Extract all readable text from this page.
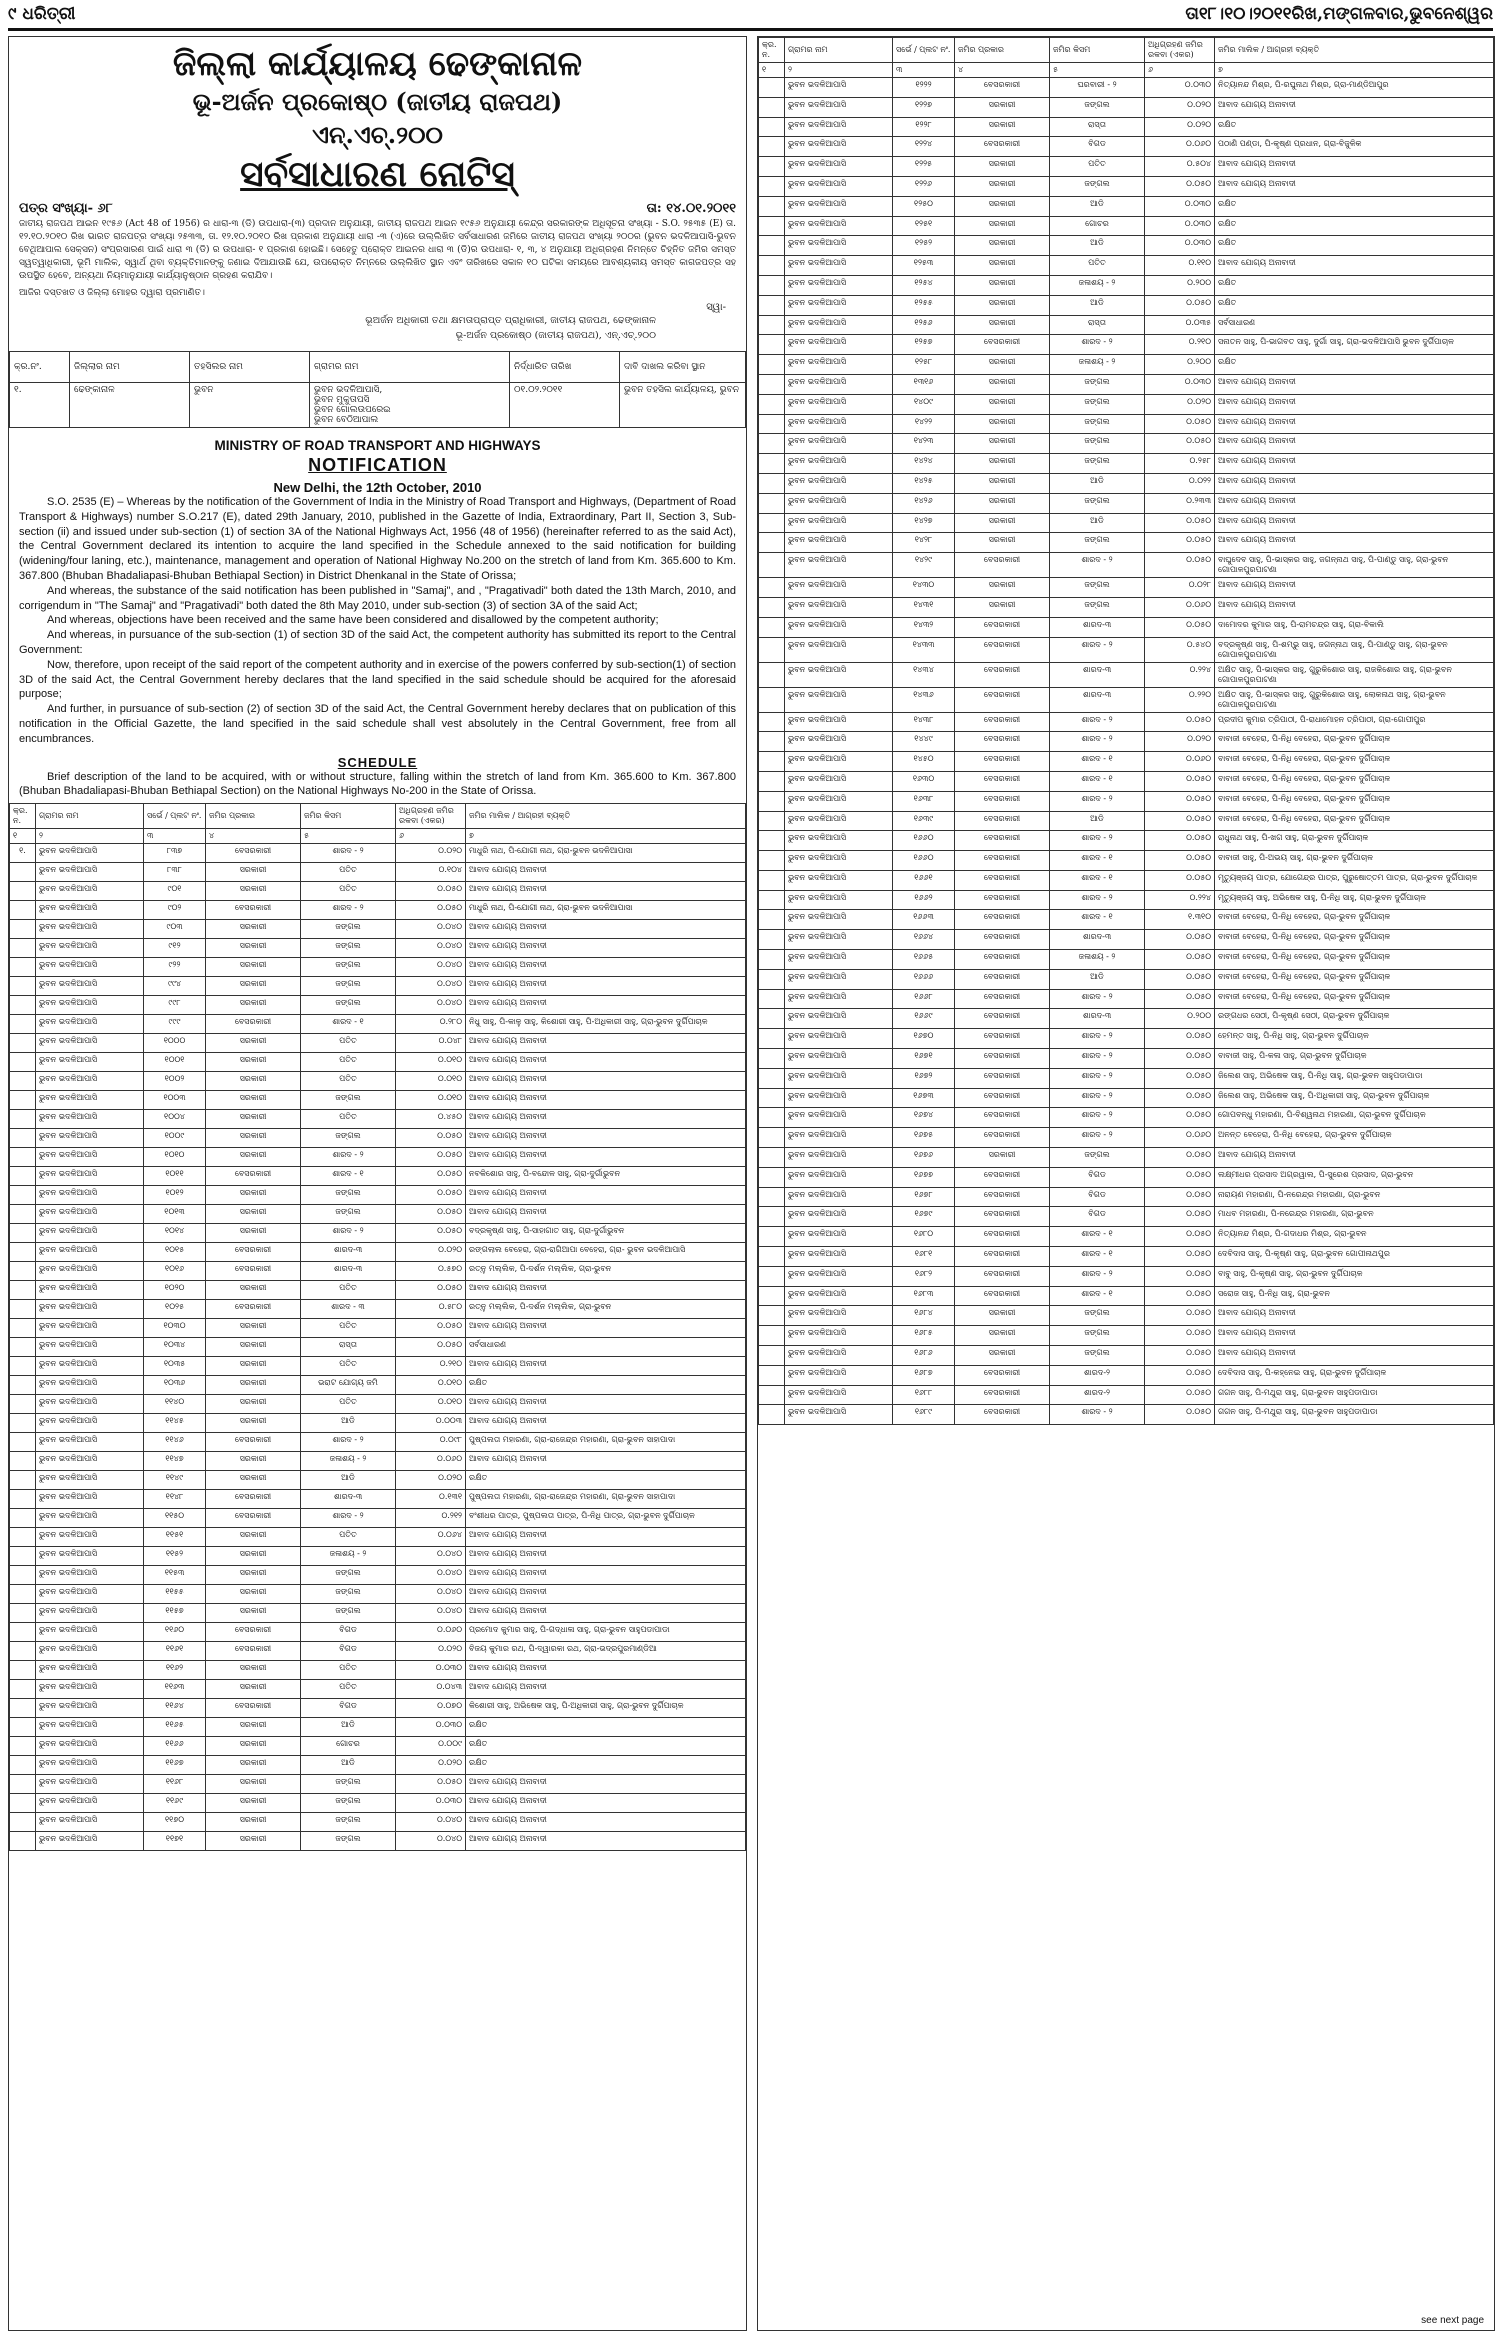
୯ ଧରିତ୍ରୀ	ତା୧୮।୧୦।୨୦୧୧ରିଖ,ମଙ୍ଗଳବାର,ଭୁବନେଶ୍ୱର
ଜିଲ୍ଲା କାର୍ଯ୍ୟାଳୟ ଢେଙ୍କାନାଳ
ଭୂ-ଅର୍ଜନ ପ୍ରକୋଷ୍ଠ (ଜାତୀୟ ରାଜପଥ)
ଏନ୍.ଏଚ୍.୨୦୦
ସର୍ବସାଧାରଣ ନୋଟିସ୍
ପତ୍ର ସଂଖ୍ୟା- ୬୮	ତା: ୧୪.୦୧.୨୦୧୧
ଜାତୀୟ ରାଜପଥ ଆଇନ ୧୯୫୬ (Act 48 of 1956) ର ଧାରା-୩ (ଡି) ଉପଧାରା-(୩) ପ୍ରଦାନ ଅନୁଯାୟୀ, ଜାତୀୟ ରାଜପଥ ଆଇନ ୧୯୫୬ ଅନୁଯାୟୀ କେନ୍ଦ୍ର ସରକାରଙ୍କ ଅଧିସୂଚନା ସଂଖ୍ୟା - S.O. ୨୫୩୫ (E) ତା. ୧୨.୧୦.୨୦୧୦ ରିଖ ଭାରତ ରାଜପତ୍ର ସଂଖ୍ୟା ୨୫୩୩, ତା. ୧୨.୧୦.୨୦୧୦ ରିଖ ପ୍ରକାଶ ଅନୁଯାୟୀ ଧାରା -୩ (ଏ)ରେ ଉଲ୍ଲିଖିତ ସର୍ବସାଧାରଣ ଜମିରେ ଜାତୀୟ ରାଜପଥ ସଂଖ୍ୟା ୨୦୦ର (ଭୁବନ ଭଦଳିଆପାସି-ଭୁବନ ବେଥିଆପାଲ ସେକ୍ସନ) ସଂପ୍ରସାରଣ ପାଇଁ ଧାରା ୩ (ଡି) ର ଉପଧାରା- ୧ ପ୍ରକାଶ ହୋଇଛି। ସେହେତୁ ପ୍ରୋକ୍ତ ଆଇନର ଧାରା ୩ (ଡି)ର ଉପଧାରା- ୧, ୩, ୪ ଅନୁଯାୟୀ ଅଧିଗ୍ରହଣ ନିମନ୍ତେ ଚିହ୍ନିତ ଜମିର ସମସ୍ତ ସ୍ୱତ୍ୱାଧିକାରୀ, ଭୂମି ମାଲିକ, ସ୍ୱାର୍ଥ ଥିବା ବ୍ୟକ୍ତିମାନଙ୍କୁ ଜଣାଇ ଦିଆଯାଉଛି ଯେ, ଉପରୋକ୍ତ ନିମ୍ନରେ ଉଲ୍ଲିଖିତ ସ୍ଥାନ ଏବଂ ତାରିଖରେ ସକାଳ ୧୦ ଘଟିକା ସମୟରେ ଆବଶ୍ୟକୀୟ ସମସ୍ତ କାଗଜପତ୍ର ସହ ଉପସ୍ଥିତ ହେବେ, ଅନ୍ୟଥା ନିୟମାନୁଯାୟୀ କାର୍ଯ୍ୟାନୁଷ୍ଠାନ ଗ୍ରହଣ କରାଯିବ।
ଆଜିର ଦସ୍ତଖତ ଓ ଜିଲ୍ଲା ମୋହର ଦ୍ୱାରା ପ୍ରମାଣିତ।
ସ୍ୱା-
ଭୂଅର୍ଜନ ଅଧିକାରୀ ତଥା କ୍ଷମତାପ୍ରାପ୍ତ ପ୍ରାଧିକାରୀ, ଜାତୀୟ ରାଜପଥ, ଢେଙ୍କାନାଳ
ଭୂ-ଅର୍ଜନ ପ୍ରକୋଷ୍ଠ (ଜାତୀୟ ରାଜପଥ), ଏନ୍.ଏଚ୍.୨୦୦
କ୍ର.ନଂ.	ଜିଲ୍ଲାର ନାମ	ତହସିଲର ନାମ	ଗ୍ରାମର ନାମ	ନିର୍ଦ୍ଧାରିତ ତାରିଖ	ଦାବି ଦାଖଲ କରିବା ସ୍ଥାନ
୧.	ଢେଙ୍କାନାଳ	ଭୁବନ	ଭୁବନ ଭଦଳିଆପାସି,
ଭୁବନ ମୁକୁତାପସି
ଭୁବନ ଗୋଲଉପରେଇ
ଭୁବନ ବେଠିଆପାଲ	୦୧.୦୨.୨୦୧୧	ଭୁବନ ତହସିଲ କାର୍ଯ୍ୟାଳୟ, ଭୁବନ
MINISTRY OF ROAD TRANSPORT AND HIGHWAYS
NOTIFICATION
New Delhi, the 12th October, 2010

S.O. 2535 (E) – Whereas by the notification of the Government of India in the Ministry of Road Transport and Highways, (Department of Road Transport & Highways) number S.O.217 (E), dated 29th January, 2010, published in the Gazette of India, Extraordinary, Part II, Section 3, Sub-section (ii) and issued under sub-section (1) of section 3A of the National Highways Act, 1956 (48 of 1956) (hereinafter referred to as the said Act), the Central Government declared its intention to acquire the land specified in the Schedule annexed to the said notification for building (widening/four laning, etc.), maintenance, management and operation of National Highway No.200 on the stretch of land from Km. 365.600 to Km. 367.800 (Bhuban Bhadaliapasi-Bhuban Bethiapal Section) in District Dhenkanal in the State of Orissa;

And whereas, the substance of the said notification has been published in "Samaj", and , "Pragativadi" both dated the 13th March, 2010, and corrigendum in "The Samaj" and "Pragativadi" both dated the 8th May 2010, under sub-section (3) of section 3A of the said Act;

And whereas, objections have been received and the same have been considered and disallowed by the competent authority;

And whereas, in pursuance of the sub-section (1) of section 3D of the said Act, the competent authority has submitted its report to the Central Government:

Now, therefore, upon receipt of the said report of the competent authority and in exercise of the powers conferred by sub-section(1) of section 3D of the said Act, the Central Government hereby declares that the land specified in the said schedule should be acquired for the aforesaid purpose;

And further, in pursuance of sub-section (2) of section 3D of the said Act, the Central Government hereby declares that on publication of this notification in the Official Gazette, the land specified in the said schedule shall vest absolutely in the Central Government, free from all encumbrances.

SCHEDULE

Brief description of the land to be acquired, with or without structure, falling within the stretch of land from Km. 365.600 to Km. 367.800 (Bhuban Bhadaliapasi-Bhuban Bethiapal Section) on the National Highways No-200 in the State of Orissa.

କ୍ର. ନ.	ଗ୍ରାମର ନାମ	ସର୍ଭେ / ପ୍ଲଟ ନଂ.	ଜମିର ପ୍ରକାର	ଜମିର କିସମ	ଅଧିଗ୍ରହଣ ଜମିର ରକବା (ଏକର)	ଜମିର ମାଲିକ / ଆଗ୍ରହୀ ବ୍ୟକ୍ତି
୧	୨	୩	୪	୫	୬	୭
୧.	ଭୁବନ ଭଦଳିଆପାସି	୮୩୭	ବେସରକାରୀ	ଶାରଦ - ୨	୦.୦୨୦	ମାଧୁରି ନାଥ, ପି-ଯୋଗୀ ନାଥ, ଗ୍ରା-ଭୁବନ ଭଦଳିଆପାସା
	ଭୁବନ ଭଦଳିଆପାସି	୮୩୮	ସରକାରୀ	ପତିତ	୦.୧୦୪	ଆବାଦ ଯୋଗ୍ୟ ଅନାବାଦୀ
	ଭୁବନ ଭଦଳିଆପାସି	୯୦୧	ସରକାରୀ	ପତିତ	୦.୦୫୦	ଆବାଦ ଯୋଗ୍ୟ ଅନାବାଦୀ
	ଭୁବନ ଭଦଳିଆପାସି	୯୦୨	ବେସରକାରୀ	ଶାରଦ - ୨	୦.୦୫୦	ମାଧୁରି ନାଥ, ପି-ଯୋଗୀ ନାଥ, ଗ୍ରା-ଭୁବନ ଭଦଳିଆପାସା
	ଭୁବନ ଭଦଳିଆପାସି	୯୦୩	ସରକାରୀ	ଜଙ୍ଗଲ	୦.୦୪୦	ଆବାଦ ଯୋଗ୍ୟ ଅନାବାଦୀ
	ଭୁବନ ଭଦଳିଆପାସି	୯୧୨	ସରକାରୀ	ଜଙ୍ଗଲ	୦.୦୪୦	ଆବାଦ ଯୋଗ୍ୟ ଅନାବାଦୀ
	ଭୁବନ ଭଦଳିଆପାସି	୯୨୨	ସରକାରୀ	ଜଙ୍ଗଲ	୦.୦୪୦	ଆବାଦ ଯୋଗ୍ୟ ଅନାବାଦୀ
	ଭୁବନ ଭଦଳିଆପାସି	୯୯୪	ସରକାରୀ	ଜଙ୍ଗଲ	୦.୦୪୦	ଆବାଦ ଯୋଗ୍ୟ ଅନାବାଦୀ
	ଭୁବନ ଭଦଳିଆପାସି	୯୯୮	ସରକାରୀ	ଜଙ୍ଗଲ	୦.୦୪୦	ଆବାଦ ଯୋଗ୍ୟ ଅନାବାଦୀ
	ଭୁବନ ଭଦଳିଆପାସି	୯୯୯	ବେସରକାରୀ	ଶାରଦ - ୧	୦.୨୮୦	ନିଧୁ ସାହୁ, ପି-କାଳୁ ସାହୁ, କିଶୋରୀ ସାହୁ, ପି-ଅଧିକାରୀ ସାହୁ, ଗ୍ରା-ଭୁବନ ଦୁର୍ଗିପାଚାଳ
	ଭୁବନ ଭଦଳିଆପାସି	୧୦୦୦	ସରକାରୀ	ପତିତ	୦.୦୪୮	ଆବାଦ ଯୋଗ୍ୟ ଅନାବାଦୀ
	ଭୁବନ ଭଦଳିଆପାସି	୧୦୦୧	ସରକାରୀ	ପତିତ	୦.୦୧୦	ଆବାଦ ଯୋଗ୍ୟ ଅନାବାଦୀ
	ଭୁବନ ଭଦଳିଆପାସି	୧୦୦୨	ସରକାରୀ	ପତିତ	୦.୦୧୦	ଆବାଦ ଯୋଗ୍ୟ ଅନାବାଦୀ
	ଭୁବନ ଭଦଳିଆପାସି	୧୦୦୩	ସରକାରୀ	ଜଙ୍ଗଲ	୦.୦୧୦	ଆବାଦ ଯୋଗ୍ୟ ଅନାବାଦୀ
	ଭୁବନ ଭଦଳିଆପାସି	୧୦୦୪	ସରକାରୀ	ପତିତ	୦.୪୫୦	ଆବାଦ ଯୋଗ୍ୟ ଅନାବାଦୀ
	ଭୁବନ ଭଦଳିଆପାସି	୧୦୦୯	ସରକାରୀ	ଜଙ୍ଗଲ	୦.୦୫୦	ଆବାଦ ଯୋଗ୍ୟ ଅନାବାଦୀ
	ଭୁବନ ଭଦଳିଆପାସି	୧୦୧୦	ସରକାରୀ	ଶାରଦ - ୨	୦.୦୫୦	ଆବାଦ ଯୋଗ୍ୟ ଅନାବାଦୀ
	ଭୁବନ ଭଦଳିଆପାସି	୧୦୧୧	ବେସରକାରୀ	ଶାରଦ - ୧	୦.୦୫୦	ନବକିଶୋର ସାହୁ, ପି-ବନ୍ଦୋଳ ସାହୁ, ଗ୍ରା-ଦୁର୍ଗାଭୁବନ
	ଭୁବନ ଭଦଳିଆପାସି	୧୦୧୨	ସରକାରୀ	ଜଙ୍ଗଲ	୦.୦୫୦	ଆବାଦ ଯୋଗ୍ୟ ଅନାବାଦୀ
	ଭୁବନ ଭଦଳିଆପାସି	୧୦୧୩	ସରକାରୀ	ଜଙ୍ଗଲ	୦.୦୫୦	ଆବାଦ ଯୋଗ୍ୟ ଅନାବାଦୀ
	ଭୁବନ ଭଦଳିଆପାସି	୧୦୧୪	ସରକାରୀ	ଶାରଦ - ୨	୦.୦୫୦	ବଦ୍ରକୃଷ୍ଣ ସାହୁ, ପି-ସାହାଗାତ ସାହୁ, ଗ୍ରା-ଦୁର୍ଗାଭୁବନ
	ଭୁବନ ଭଦଳିଆପାସି	୧୦୧୫	ବେସରକାରୀ	ଶାରଦ-୩	୦.୦୨୦	ରଙ୍ଗଲାଲ ବେହେରା, ଗ୍ରା-ରାଗିଆପା ବେହେରା, ଗ୍ରା- ଭୁବନ ଭଦଳିଆପାସି
	ଭୁବନ ଭଦଳିଆପାସି	୧୦୧୬	ବେସରକାରୀ	ଶାରଦ-୩	୦.୫୭୦	ରତ୍ନୁ ମଲ୍ଲିକ, ପି-ଦର୍ଶନ ମଲ୍ଲିକ, ଗ୍ରା-ଭୁବନ
	ଭୁବନ ଭଦଳିଆପାସି	୧୦୨୦	ସରକାରୀ	ପତିତ	୦.୦୫୦	ଆବାଦ ଯୋଗ୍ୟ ଅନାବାଦୀ
	ଭୁବନ ଭଦଳିଆପାସି	୧୦୨୫	ବେସରକାରୀ	ଶାରଦ - ୩	୦.୫୮୦	ରତ୍ନୁ ମଲ୍ଲିକ, ପି-ଦର୍ଶନ ମଲ୍ଲିକ, ଗ୍ରା-ଭୁବନ
	ଭୁବନ ଭଦଳିଆପାସି	୧୦୩୦	ସରକାରୀ	ପତିତ	୦.୦୫୦	ଆବାଦ ଯୋଗ୍ୟ ଅନାବାଦୀ
	ଭୁବନ ଭଦଳିଆପାସି	୧୦୩୪	ସରକାରୀ	ରାସ୍ତା	୦.୦୫୦	ସର୍ବସାଧାରଣ
	ଭୁବନ ଭଦଳିଆପାସି	୧୦୩୫	ସରକାରୀ	ପତିତ	୦.୨୧୦	ଆବାଦ ଯୋଗ୍ୟ ଅନାବାଦୀ
	ଭୁବନ ଭଦଳିଆପାସି	୧୦୩୬	ସରକାରୀ	ଭରାଟ ଯୋଗ୍ୟ ଜମି	୦.୦୧୦	ରକ୍ଷିତ
	ଭୁବନ ଭଦଳିଆପାସି	୧୧୪୦	ସରକାରୀ	ପତିତ	୦.୦୧୦	ଆବାଦ ଯୋଗ୍ୟ ଅନାବାଦୀ
	ଭୁବନ ଭଦଳିଆପାସି	୧୧୪୫	ସରକାରୀ	ଆଡି	୦.୦୦୩	ଆବାଦ ଯୋଗ୍ୟ ଅନାବାଦୀ
	ଭୁବନ ଭଦଳିଆପାସି	୧୧୪୬	ବେସରକାରୀ	ଶାରଦ - ୨	୦.୦୯୮	ପୁଷ୍ପଲତା ମହାରଣା, ଗ୍ରା-ରାଜେନ୍ଦ୍ର ମହାରଣା, ଗ୍ରା-ଭୁବନ ସାହାପାଦା
	ଭୁବନ ଭଦଳିଆପାସି	୧୧୪୭	ସରକାରୀ	ଜଳାଶୟ - ୨	୦.୦୬୦	ଆବାଦ ଯୋଗ୍ୟ ଅନାବାଦୀ
	ଭୁବନ ଭଦଳିଆପାସି	୧୧୪୯	ସରକାରୀ	ଆଡି	୦.୦୨୦	ରକ୍ଷିତ
	ଭୁବନ ଭଦଳିଆପାସି	୧୧୪୮	ବେସରକାରୀ	ଶାରଦ-୩	୦.୧୩୧	ପୁଷ୍ପଲତା ମହାରଣା, ଗ୍ରା-ରାଜେନ୍ଦ୍ର ମହାରଣା, ଗ୍ରା-ଭୁବନ ସାହାପାଦା
	ଭୁବନ ଭଦଳିଆପାସି	୧୧୫୦	ବେସରକାରୀ	ଶାରଦ - ୨	୦.୨୧୨	ବଂଶୀଧର ପାତ୍ର, ପୁଷ୍ପଲତା ପାତ୍ର, ପି-ନିଧି ପାତ୍ର, ଗ୍ରା-ଭୁବନ ଦୁର୍ଗିପାଚାଳ
	ଭୁବନ ଭଦଳିଆପାସି	୧୧୫୧	ସରକାରୀ	ପତିତ	୦.୦୬୪	ଆବାଦ ଯୋଗ୍ୟ ଅନାବାଦୀ
	ଭୁବନ ଭଦଳିଆପାସି	୧୧୫୨	ସରକାରୀ	ଜଳାଶୟ - ୨	୦.୦୪୦	ଆବାଦ ଯୋଗ୍ୟ ଅନାବାଦୀ
	ଭୁବନ ଭଦଳିଆପାସି	୧୧୫୩	ସରକାରୀ	ଜଙ୍ଗଲ	୦.୦୪୦	ଆବାଦ ଯୋଗ୍ୟ ଅନାବାଦୀ
	ଭୁବନ ଭଦଳିଆପାସି	୧୧୫୫	ସରକାରୀ	ଜଙ୍ଗଲ	୦.୦୪୦	ଆବାଦ ଯୋଗ୍ୟ ଅନାବାଦୀ
	ଭୁବନ ଭଦଳିଆପାସି	୧୧୫୭	ସରକାରୀ	ଜଙ୍ଗଲ	୦.୦୪୦	ଆବାଦ ଯୋଗ୍ୟ ଅନାବାଦୀ
	ଭୁବନ ଭଦଳିଆପାସି	୧୧୬୦	ବେସରକାରୀ	ବିଗଡ	୦.୦୬୦	ପ୍ରମୋଦ କୁମାର ସାହୁ, ପି-ଗଦ୍ଧାଳା ସାହୁ, ଗ୍ରା-ଭୁବନ ସାହୁପଡାପାଡା
	ଭୁବନ ଭଦଳିଆପାସି	୧୧୬୧	ବେସରକାରୀ	ବିଗଡ	୦.୦୨୦	ବିଜୟ କୁମାର ରଥ, ପି-ଦ୍ୱାରକା ରଥ, ଗ୍ରା-ଭଦ୍ରପୁରମାଣ୍ଡିଆ
	ଭୁବନ ଭଦଳିଆପାସି	୧୧୬୨	ସରକାରୀ	ପତିତ	୦.୦୩୦	ଆବାଦ ଯୋଗ୍ୟ ଅନାବାଦୀ
	ଭୁବନ ଭଦଳିଆପାସି	୧୧୬୩	ସରକାରୀ	ପତିତ	୦.୦୪୩	ଆବାଦ ଯୋଗ୍ୟ ଅନାବାଦୀ
	ଭୁବନ ଭଦଳିଆପାସି	୧୧୬୪	ବେସରକାରୀ	ବିଗଡ	୦.୦୭୦	କିଶୋରୀ ସାହୁ, ଅଭିଷେକ ସାହୁ, ପି-ଅଧିକାରୀ ସାହୁ, ଗ୍ରା-ଭୁବନ ଦୁର୍ଗିପାଚାଳ
	ଭୁବନ ଭଦଳିଆପାସି	୧୧୬୫	ସରକାରୀ	ଆଡି	୦.୦୩୦	ରକ୍ଷିତ
	ଭୁବନ ଭଦଳିଆପାସି	୧୧୬୬	ସରକାରୀ	ଗୋଚର	୦.୦୦୯	ରକ୍ଷିତ
	ଭୁବନ ଭଦଳିଆପାସି	୧୧୬୭	ସରକାରୀ	ଆଡି	୦.୦୨୦	ରକ୍ଷିତ
	ଭୁବନ ଭଦଳିଆପାସି	୧୧୬୮	ସରକାରୀ	ଜଙ୍ଗଲ	୦.୦୫୦	ଆବାଦ ଯୋଗ୍ୟ ଅନାବାଦୀ
	ଭୁବନ ଭଦଳିଆପାସି	୧୧୬୯	ସରକାରୀ	ଜଙ୍ଗଲ	୦.୦୩୦	ଆବାଦ ଯୋଗ୍ୟ ଅନାବାଦୀ
	ଭୁବନ ଭଦଳିଆପାସି	୧୧୭୦	ସରକାରୀ	ଜଙ୍ଗଲ	୦.୦୪୦	ଆବାଦ ଯୋଗ୍ୟ ଅନାବାଦୀ
	ଭୁବନ ଭଦଳିଆପାସି	୧୧୭୧	ସରକାରୀ	ଜଙ୍ଗଲ	୦.୦୪୦	ଆବାଦ ଯୋଗ୍ୟ ଅନାବାଦୀ
କ୍ର. ନ.	ଗ୍ରାମର ନାମ	ସର୍ଭେ / ପ୍ଲଟ ନଂ.	ଜମିର ପ୍ରକାର	ଜମିର କିସମ	ଅଧିଗ୍ରହଣ ଜମିର ରକବା (ଏକର)	ଜମିର ମାଲିକ / ଆଗ୍ରହୀ ବ୍ୟକ୍ତି
୧	୨	୩	୪	୫	୬	୭
	ଭୁବନ ଭଦଳିଆପାସି	୧୨୨୨	ବେସରକାରୀ	ଘରବାରୀ - ୨	୦.୦୩୦	ନିତ୍ୟାନନ୍ଦ ମିଶ୍ର, ପି-ରଘୁନାଥ ମିଶ୍ର, ଗ୍ରା-ମାଣ୍ଡିଆପୁର
	ଭୁବନ ଭଦଳିଆପାସି	୧୨୨୭	ସରକାରୀ	ଜଙ୍ଗଲ	୦.୦୨୦	ଆବାଦ ଯୋଗ୍ୟ ଅନାବାଦୀ
	ଭୁବନ ଭଦଳିଆପାସି	୧୨୨୮	ସରକାରୀ	ରାସ୍ତା	୦.୦୨୦	ରକ୍ଷିତ
	ଭୁବନ ଭଦଳିଆପାସି	୧୨୨୪	ବେସରକାରୀ	ବିଗଡ	୦.୦୬୦	ପଠାଣି ପଣ୍ଡା, ପି-କୃଷ୍ଣ ପ୍ରଧାନ, ଗ୍ରା-ବିଜୁଳିକ
	ଭୁବନ ଭଦଳିଆପାସି	୧୨୨୫	ସରକାରୀ	ପତିତ	୦.୫୦୪	ଆବାଦ ଯୋଗ୍ୟ ଅନାବାଦୀ
	ଭୁବନ ଭଦଳିଆପାସି	୧୨୨୬	ସରକାରୀ	ଜଙ୍ଗଲ	୦.୦୫୦	ଆବାଦ ଯୋଗ୍ୟ ଅନାବାଦୀ
	ଭୁବନ ଭଦଳିଆପାସି	୧୨୫୦	ସରକାରୀ	ଆଡି	୦.୦୩୦	ରକ୍ଷିତ
	ଭୁବନ ଭଦଳିଆପାସି	୧୨୫୧	ସରକାରୀ	ଗୋଚର	୦.୦୩୦	ରକ୍ଷିତ
	ଭୁବନ ଭଦଳିଆପାସି	୧୨୫୨	ସରକାରୀ	ଆଡି	୦.୦୩୦	ରକ୍ଷିତ
	ଭୁବନ ଭଦଳିଆପାସି	୧୨୫୩	ସରକାରୀ	ପତିତ	୦.୧୧୦	ଆବାଦ ଯୋଗ୍ୟ ଅନାବାଦୀ
	ଭୁବନ ଭଦଳିଆପାସି	୧୨୫୪	ସରକାରୀ	ଜଳାଶୟ - ୨	୦.୨୦୦	ରକ୍ଷିତ
	ଭୁବନ ଭଦଳିଆପାସି	୧୨୫୫	ସରକାରୀ	ଆଡି	୦.୦୫୦	ରକ୍ଷିତ
	ଭୁବନ ଭଦଳିଆପାସି	୧୨୫୬	ସରକାରୀ	ରାସ୍ତା	୦.୦୩୫	ସର୍ବସାଧାରଣ
	ଭୁବନ ଭଦଳିଆପାସି	୧୨୫୭	ବେସରକାରୀ	ଶାରଦ - ୨	୦.୨୧୦	ସନାତନ ସାହୁ, ପି-ଭାଗବତ ସାହୁ, ଦୁର୍ଗା ସାହୁ, ଗ୍ରା-ଭଦଳିଆପାସି ଭୁବନ ଦୁର୍ଗିପାଚାଳ
	ଭୁବନ ଭଦଳିଆପାସି	୧୨୫୮	ସରକାରୀ	ଜଳାଶୟ - ୨	୦.୨୦୦	ରକ୍ଷିତ
	ଭୁବନ ଭଦଳିଆପାସି	୧୩୧୬	ସରକାରୀ	ଜଙ୍ଗଲ	୦.୦୩୦	ଆବାଦ ଯୋଗ୍ୟ ଅନାବାଦୀ
	ଭୁବନ ଭଦଳିଆପାସି	୧୪୦୯	ସରକାରୀ	ଜଙ୍ଗଲ	୦.୦୨୦	ଆବାଦ ଯୋଗ୍ୟ ଅନାବାଦୀ
	ଭୁବନ ଭଦଳିଆପାସି	୧୪୨୨	ସରକାରୀ	ଜଙ୍ଗଲ	୦.୦୫୦	ଆବାଦ ଯୋଗ୍ୟ ଅନାବାଦୀ
	ଭୁବନ ଭଦଳିଆପାସି	୧୪୨୩	ସରକାରୀ	ଜଙ୍ଗଲ	୦.୦୫୦	ଆବାଦ ଯୋଗ୍ୟ ଅନାବାଦୀ
	ଭୁବନ ଭଦଳିଆପାସି	୧୪୨୪	ସରକାରୀ	ଜଙ୍ଗଲ	୦.୨୫୮	ଆବାଦ ଯୋଗ୍ୟ ଅନାବାଦୀ
	ଭୁବନ ଭଦଳିଆପାସି	୧୪୨୫	ସରକାରୀ	ଆଡି	୦.୦୨୨	ଆବାଦ ଯୋଗ୍ୟ ଅନାବାଦୀ
	ଭୁବନ ଭଦଳିଆପାସି	୧୪୨୬	ସରକାରୀ	ଜଙ୍ଗଲ	୦.୨୩୩	ଆବାଦ ଯୋଗ୍ୟ ଅନାବାଦୀ
	ଭୁବନ ଭଦଳିଆପାସି	୧୪୨୭	ସରକାରୀ	ଆଡି	୦.୦୫୦	ଆବାଦ ଯୋଗ୍ୟ ଅନାବାଦୀ
	ଭୁବନ ଭଦଳିଆପାସି	୧୪୨୮	ସରକାରୀ	ଜଙ୍ଗଲ	୦.୦୫୦	ଆବାଦ ଯୋଗ୍ୟ ଅନାବାଦୀ
	ଭୁବନ ଭଦଳିଆପାସି	୧୪୨୯	ବେସରକାରୀ	ଶାରଦ - ୨	୦.୦୫୦	ବାଘୁଦେବ ସାହୁ, ପି-ଭାସ୍କର ସାହୁ, ଜଗନ୍ନାଥ ସାହୁ, ପି-ପାଣ୍ଡୁ ସାହୁ, ଗ୍ରା-ଭୁବନ ଗୋପାଳପୁରପାଟଣା
	ଭୁବନ ଭଦଳିଆପାସି	୧୪୩୦	ସରକାରୀ	ଜଙ୍ଗଲ	୦.୦୨୮	ଆବାଦ ଯୋଗ୍ୟ ଅନାବାଦୀ
	ଭୁବନ ଭଦଳିଆପାସି	୧୪୩୧	ସରକାରୀ	ଜଙ୍ଗଲ	୦.୦୬୦	ଆବାଦ ଯୋଗ୍ୟ ଅନାବାଦୀ
	ଭୁବନ ଭଦଳିଆପାସି	୧୪୩୨	ବେସରକାରୀ	ଶାରଦ-୩	୦.୦୫୦	ଦାମୋଦର କୁମାର ସାହୁ, ପି-ରାମଚନ୍ଦ୍ର ସାହୁ, ଗ୍ରା-ବିକାଲି
	ଭୁବନ ଭଦଳିଆପାସି	୧୪୩୩	ବେସରକାରୀ	ଶାରଦ - ୨	୦.୫୪୦	ବଦ୍ରକୃଷ୍ଣ ସାହୁ, ପି-ଶମ୍ଭୁ ସାହୁ, ଜଗନ୍ନାଥ ସାହୁ, ପି-ପାଣ୍ଡୁ ସାହୁ, ଗ୍ରା-ଭୁବନ ଗୋପାଳପୁରପାଟଣା
	ଭୁବନ ଭଦଳିଆପାସି	୧୪୩୪	ବେସରକାରୀ	ଶାରଦ-୩	୦.୨୨୪	ଅକ୍ଷିତ ସାହୁ, ପି-ଭାସ୍କର ସାହୁ, ଗୁରୁକିଶୋର ସାହୁ, ରାଜକିଶୋର ସାହୁ, ଗ୍ରା-ଭୁବନ ଗୋପାଳପୁରପାଟଣା
	ଭୁବନ ଭଦଳିଆପାସି	୧୪୩୬	ବେସରକାରୀ	ଶାରଦ-୩	୦.୨୨୦	ଅକ୍ଷିତ ସାହୁ, ପି-ଭାସ୍କର ସାହୁ, ଗୁରୁକିଶୋର ସାହୁ, ଲୋକନାଥ ସାହୁ, ଗ୍ରା-ଭୁବନ ଗୋପାଳପୁରପାଟଣା
	ଭୁବନ ଭଦଳିଆପାସି	୧୪୩୮	ବେସରକାରୀ	ଶାରଦ - ୨	୦.୦୫୦	ପ୍ରଦୀପ କୁମାର ତ୍ରିପାଠୀ, ପି-ରାଧାମୋହନ ତ୍ରିପାଠୀ, ଗ୍ରା-ଗୋପୀପୁର
	ଭୁବନ ଭଦଳିଆପାସି	୧୪୪୯	ବେସରକାରୀ	ଶାରଦ - ୨	୦.୦୨୦	ବାବାଜୀ ବେହେରା, ପି-ନିଧି ବେହେରା, ଗ୍ରା-ଭୁବନ ଦୁର୍ଗିପାଚାଳ
	ଭୁବନ ଭଦଳିଆପାସି	୧୪୫୦	ବେସରକାରୀ	ଶାରଦ - ୧	୦.୦୬୦	ବାବାଜୀ ବେହେରା, ପି-ନିଧି ବେହେରା, ଗ୍ରା-ଭୁବନ ଦୁର୍ଗିପାଚାଳ
	ଭୁବନ ଭଦଳିଆପାସି	୧୬୩୦	ବେସରକାରୀ	ଶାରଦ - ୧	୦.୦୫୦	ବାବାଜୀ ବେହେରା, ପି-ନିଧି ବେହେରା, ଗ୍ରା-ଭୁବନ ଦୁର୍ଗିପାଚାଳ
	ଭୁବନ ଭଦଳିଆପାସି	୧୬୩୮	ବେସରକାରୀ	ଶାରଦ - ୨	୦.୦୫୦	ବାବାଜୀ ବେହେରା, ପି-ନିଧି ବେହେରା, ଗ୍ରା-ଭୁବନ ଦୁର୍ଗିପାଚାଳ
	ଭୁବନ ଭଦଳିଆପାସି	୧୬୩୯	ବେସରକାରୀ	ଆଡି	୦.୦୫୦	ବାବାଜୀ ବେହେରା, ପି-ନିଧି ବେହେରା, ଗ୍ରା-ଭୁବନ ଦୁର୍ଗିପାଚାଳ
	ଭୁବନ ଭଦଳିଆପାସି	୧୬୬୦	ବେସରକାରୀ	ଶାରଦ - ୨	୦.୦୫୦	ରାଧୁନାଥ ସାହୁ, ପି-ଖଗ ସାହୁ, ଗ୍ରା-ଭୁବନ ଦୁର୍ଗିପାଚାଳ
	ଭୁବନ ଭଦଳିଆପାସି	୧୬୬୦	ବେସରକାରୀ	ଶାରଦ - ୧	୦.୦୫୦	ବାବାଜୀ ସାହୁ, ପି-ଅଭୟ ସାହୁ, ଗ୍ରା-ଭୁବନ ଦୁର୍ଗିପାଚାଳ
	ଭୁବନ ଭଦଳିଆପାସି	୧୬୬୧	ବେସରକାରୀ	ଶାରଦ - ୧	୦.୦୫୦	ମୃତ୍ୟୁଞ୍ଜୟ ପାତ୍ର, ଯୋଗେନ୍ଦ୍ର ପାତ୍ର, ପୁରୁଷୋତ୍ତମ ପାତ୍ର, ଗ୍ରା-ଭୁବନ ଦୁର୍ଗିପାଚାଳ
	ଭୁବନ ଭଦଳିଆପାସି	୧୬୬୨	ବେସରକାରୀ	ଶାରଦ - ୨	୦.୨୨୪	ମୃତ୍ୟୁଞ୍ଜୟ ସାହୁ, ଅଭିଷେକ ସାହୁ, ପି-ନିଧି ସାହୁ, ଗ୍ରା-ଭୁବନ ଦୁର୍ଗିପାଚାଳ
	ଭୁବନ ଭଦଳିଆପାସି	୧୬୬୩	ବେସରକାରୀ	ଶାରଦ - ୧	୧.୩୧୦	ବାବାଜୀ ବେହେରା, ପି-ନିଧି ବେହେରା, ଗ୍ରା-ଭୁବନ ଦୁର୍ଗିପାଚାଳ
	ଭୁବନ ଭଦଳିଆପାସି	୧୬୬୪	ବେସରକାରୀ	ଶାରଦ-୩	୦.୦୫୦	ବାବାଜୀ ବେହେରା, ପି-ନିଧି ବେହେରା, ଗ୍ରା-ଭୁବନ ଦୁର୍ଗିପାଚାଳ
	ଭୁବନ ଭଦଳିଆପାସି	୧୬୬୫	ବେସରକାରୀ	ଜଳାଶୟ - ୨	୦.୦୫୦	ବାବାଜୀ ବେହେରା, ପି-ନିଧି ବେହେରା, ଗ୍ରା-ଭୁବନ ଦୁର୍ଗିପାଚାଳ
	ଭୁବନ ଭଦଳିଆପାସି	୧୬୬୬	ବେସରକାରୀ	ଆଡି	୦.୦୫୦	ବାବାଜୀ ବେହେରା, ପି-ନିଧି ବେହେରା, ଗ୍ରା-ଭୁବନ ଦୁର୍ଗିପାଚାଳ
	ଭୁବନ ଭଦଳିଆପାସି	୧୬୬୮	ବେସରକାରୀ	ଶାରଦ - ୨	୦.୦୫୦	ବାବାଜୀ ବେହେରା, ପି-ନିଧି ବେହେରା, ଗ୍ରା-ଭୁବନ ଦୁର୍ଗିପାଚାଳ
	ଭୁବନ ଭଦଳିଆପାସି	୧୬୬୯	ବେସରକାରୀ	ଶାରଦ-୩	୦.୨୦୦	ରଙ୍ଗଧର ସେଠୀ, ପି-କୃଷ୍ଣ ସେଠୀ, ଗ୍ରା-ଭୁବନ ଦୁର୍ଗିପାଚାଳ
	ଭୁବନ ଭଦଳିଆପାସି	୧୬୭୦	ବେସରକାରୀ	ଶାରଦ - ୨	୦.୦୫୦	ହେମନ୍ତ ସାହୁ, ପି-ନିଧି ସାହୁ, ଗ୍ରା-ଭୁବନ ଦୁର୍ଗିପାଚାଳ
	ଭୁବନ ଭଦଳିଆପାସି	୧୬୭୧	ବେସରକାରୀ	ଶାରଦ - ୨	୦.୦୫୦	ବାବାଜୀ ସାହୁ, ପି-କଳା ସାହୁ, ଗ୍ରା-ଭୁବନ ଦୁର୍ଗିପାଚାଳ
	ଭୁବନ ଭଦଳିଆପାସି	୧୬୭୨	ବେସରକାରୀ	ଶାରଦ - ୨	୦.୦୫୦	ଜିଲେଶ ସାହୁ, ଅଭିଷେକ ସାହୁ, ପି-ନିଧି ସାହୁ, ଗ୍ରା-ଭୁବନ ସାହୁପଡାପାଡା
	ଭୁବନ ଭଦଳିଆପାସି	୧୬୭୩	ବେସରକାରୀ	ଶାରଦ - ୨	୦.୦୫୦	ଜିଲେଶ ସାହୁ, ଅଭିଷେକ ସାହୁ, ପି-ଅଧିକାରୀ ସାହୁ, ଗ୍ରା-ଭୁବନ ଦୁର୍ଗିପାଚାଳ
	ଭୁବନ ଭଦଳିଆପାସି	୧୬୭୪	ବେସରକାରୀ	ଶାରଦ - ୨	୦.୦୫୦	ଗୋପବନ୍ଧୁ ମହାରଣା, ପି-ବିଶ୍ୱନାଥ ମହାରଣା, ଗ୍ରା-ଭୁବନ ଦୁର୍ଗିପାଚାଳ
	ଭୁବନ ଭଦଳିଆପାସି	୧୬୭୫	ବେସରକାରୀ	ଶାରଦ - ୨	୦.୦୬୦	ଅନନ୍ତ ବେହେରା, ପି-ନିଧି ବେହେରା, ଗ୍ରା-ଭୁବନ ଦୁର୍ଗିପାଚାଳ
	ଭୁବନ ଭଦଳିଆପାସି	୧୬୭୬	ସରକାରୀ	ଜଙ୍ଗଲ	୦.୦୫୦	ଆବାଦ ଯୋଗ୍ୟ ଅନାବାଦୀ
	ଭୁବନ ଭଦଳିଆପାସି	୧୬୭୭	ବେସରକାରୀ	ବିଗଡ	୦.୦୫୦	ଲକ୍ଷ୍ମୀଧର ପ୍ରସାଦ ଅଗ୍ରୱାଲ, ପି-ସୁରେଶ ପ୍ରସାଦ, ଗ୍ରା-ଭୁବନ
	ଭୁବନ ଭଦଳିଆପାସି	୧୬୭୮	ବେସରକାରୀ	ବିଗଡ	୦.୦୫୦	ନାରାୟଣ ମହାରଣା, ପି-ନରେନ୍ଦ୍ର ମହାରଣା, ଗ୍ରା-ଭୁବନ
	ଭୁବନ ଭଦଳିଆପାସି	୧୬୭୯	ବେସରକାରୀ	ବିଗଡ	୦.୦୫୦	ମାଧବ ମହାରଣା, ପି-ନରେନ୍ଦ୍ର ମହାରଣା, ଗ୍ରା-ଭୁବନ
	ଭୁବନ ଭଦଳିଆପାସି	୧୬୮୦	ବେସରକାରୀ	ଶାରଦ - ୧	୦.୦୫୦	ନିତ୍ୟାନନ୍ଦ ମିଶ୍ର, ପି-ଗଦାଧର ମିଶ୍ର, ଗ୍ରା-ଭୁବନ
	ଭୁବନ ଭଦଳିଆପାସି	୧୬୮୧	ବେସରକାରୀ	ଶାରଦ - ୧	୦.୦୫୦	ଦେବିଦାସ ସାହୁ, ପି-କୃଷ୍ଣ ସାହୁ, ଗ୍ରା-ଭୁବନ ଗୋପୀନାଥପୁର
	ଭୁବନ ଭଦଳିଆପାସି	୧୬୮୨	ବେସରକାରୀ	ଶାରଦ - ୨	୦.୦୫୦	ବାବୁ ସାହୁ, ପି-କୃଷ୍ଣ ସାହୁ, ଗ୍ରା-ଭୁବନ ଦୁର୍ଗିପାଚାଳ
	ଭୁବନ ଭଦଳିଆପାସି	୧୬୮୩	ବେସରକାରୀ	ଶାରଦ - ୧	୦.୦୫୦	ସରୋଜ ସାହୁ, ପି-ନିଧି ସାହୁ, ଗ୍ରା-ଭୁବନ
	ଭୁବନ ଭଦଳିଆପାସି	୧୬୮୪	ସରକାରୀ	ଜଙ୍ଗଲ	୦.୦୫୦	ଆବାଦ ଯୋଗ୍ୟ ଅନାବାଦୀ
	ଭୁବନ ଭଦଳିଆପାସି	୧୬୮୫	ସରକାରୀ	ଜଙ୍ଗଲ	୦.୦୫୦	ଆବାଦ ଯୋଗ୍ୟ ଅନାବାଦୀ
	ଭୁବନ ଭଦଳିଆପାସି	୧୬୮୬	ସରକାରୀ	ଜଙ୍ଗଲ	୦.୦୫୦	ଆବାଦ ଯୋଗ୍ୟ ଅନାବାଦୀ
	ଭୁବନ ଭଦଳିଆପାସି	୧୬୮୭	ବେସରକାରୀ	ଶାରଦ-୨	୦.୦୫୦	ଦେବିଦାସ ସାହୁ, ପି-କହ୍ନେଇ ସାହୁ, ଗ୍ରା-ଭୁବନ ଦୁର୍ଗିପାଚାଳ
	ଭୁବନ ଭଦଳିଆପାସି	୧୬୮୮	ବେସରକାରୀ	ଶାରଦ-୨	୦.୦୫୦	ଗଗନ ସାହୁ, ପି-ମଥୁରା ସାହୁ, ଗ୍ରା-ଭୁବନ ସାହୁପଡାପାଡା
	ଭୁବନ ଭଦଳିଆପାସି	୧୬୮୯	ବେସରକାରୀ	ଶାରଦ - ୨	୦.୦୫୦	ଗଗନ ସାହୁ, ପି-ମଥୁରା ସାହୁ, ଗ୍ରା-ଭୁବନ ସାହୁପଡାପାଡା
see next page
